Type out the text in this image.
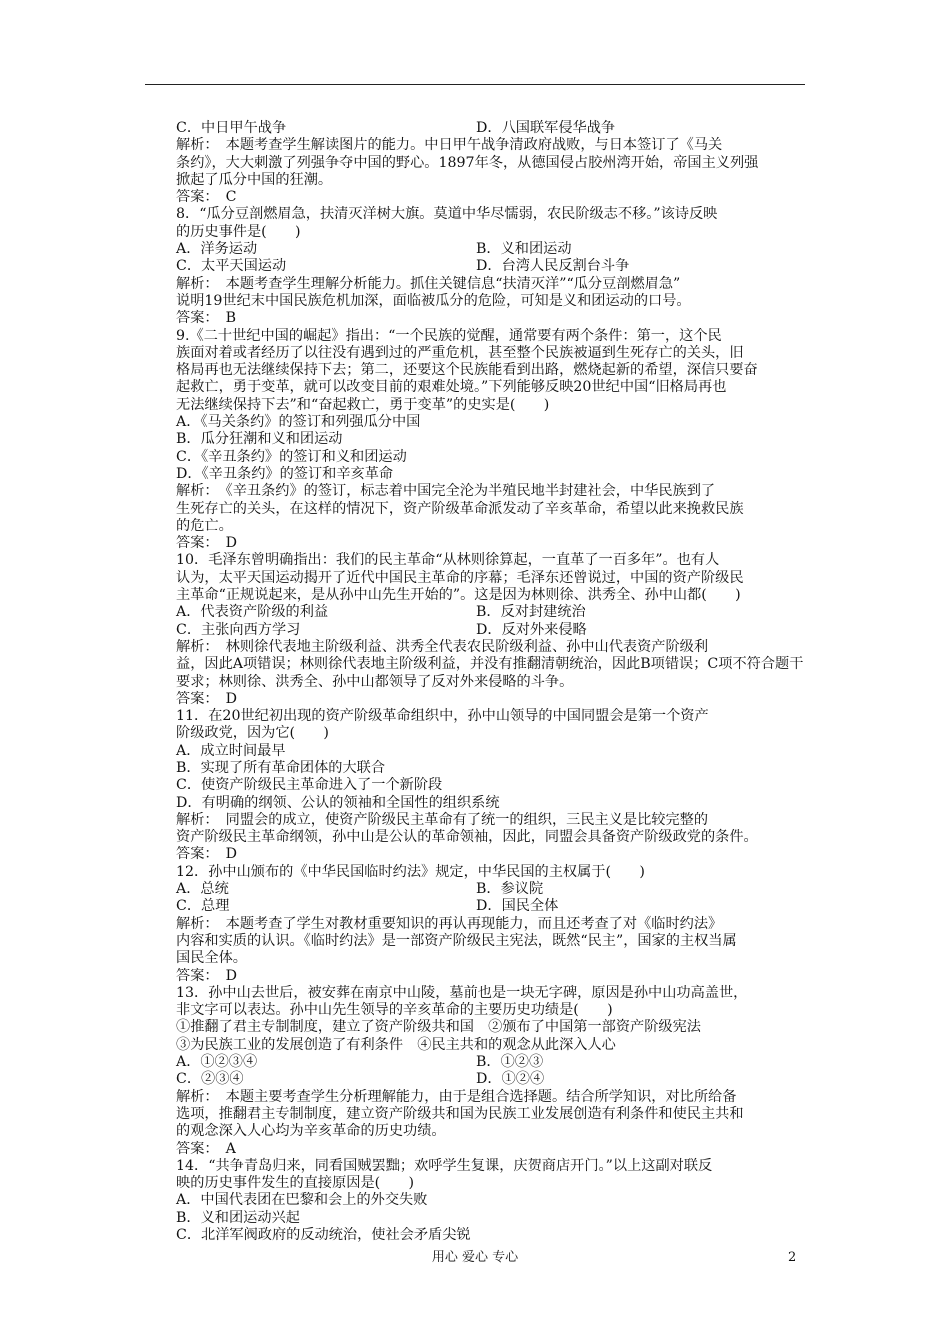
C．中日甲午战争	D．八国联军侵华战争
解析：　本题考查学生解读图片的能力。中日甲午战争清政府战败，与日本签订了《马关
条约》，大大刺激了列强争夺中国的野心。1897年冬，从德国侵占胶州湾开始，帝国主义列强
掀起了瓜分中国的狂潮。
答案：　C
8．“瓜分豆剖燃眉急，扶清灭洋树大旗。莫道中华尽懦弱，农民阶级志不移。”该诗反映
的历史事件是(　　)
A．洋务运动	B．义和团运动
C．太平天国运动	D．台湾人民反割台斗争
解析：　本题考查学生理解分析能力。抓住关键信息“扶清灭洋”“瓜分豆剖燃眉急”
说明19世纪末中国民族危机加深，面临被瓜分的危险，可知是义和团运动的口号。
答案：　B
9.《二十世纪中国的崛起》指出：“一个民族的觉醒，通常要有两个条件：第一，这个民
族面对着或者经历了以往没有遇到过的严重危机，甚至整个民族被逼到生死存亡的关头，旧
格局再也无法继续保持下去；第二，还要这个民族能看到出路，燃烧起新的希望，深信只要奋
起救亡，勇于变革，就可以改变目前的艰难处境。”下列能够反映20世纪中国“旧格局再也
无法继续保持下去”和“奋起救亡，勇于变革”的史实是(　　)
A．《马关条约》的签订和列强瓜分中国
B．瓜分狂潮和义和团运动
C．《辛丑条约》的签订和义和团运动
D．《辛丑条约》的签订和辛亥革命
解析：　《辛丑条约》的签订，标志着中国完全沦为半殖民地半封建社会，中华民族到了
生死存亡的关头，在这样的情况下，资产阶级革命派发动了辛亥革命，希望以此来挽救民族
的危亡。
答案：　D
10．毛泽东曾明确指出：我们的民主革命“从林则徐算起，一直革了一百多年”。也有人
认为，太平天国运动揭开了近代中国民主革命的序幕；毛泽东还曾说过，中国的资产阶级民
主革命“正规说起来，是从孙中山先生开始的”。这是因为林则徐、洪秀全、孙中山都(　　)
A．代表资产阶级的利益	B．反对封建统治
C．主张向西方学习	D．反对外来侵略
解析：　林则徐代表地主阶级利益、洪秀全代表农民阶级利益、孙中山代表资产阶级利
益，因此A项错误；林则徐代表地主阶级利益，并没有推翻清朝统治，因此B项错误；C项不符合题干
要求；林则徐、洪秀全、孙中山都领导了反对外来侵略的斗争。
答案：　D
11．在20世纪初出现的资产阶级革命组织中，孙中山领导的中国同盟会是第一个资产
阶级政党，因为它(　　)
A．成立时间最早
B．实现了所有革命团体的大联合
C．使资产阶级民主革命进入了一个新阶段
D．有明确的纲领、公认的领袖和全国性的组织系统
解析：　同盟会的成立，使资产阶级民主革命有了统一的组织，三民主义是比较完整的
资产阶级民主革命纲领，孙中山是公认的革命领袖，因此，同盟会具备资产阶级政党的条件。
答案：　D
12．孙中山颁布的《中华民国临时约法》规定，中华民国的主权属于(　　)
A．总统	B．参议院
C．总理	D．国民全体
解析：　本题考查了学生对教材重要知识的再认再现能力，而且还考查了对《临时约法》
内容和实质的认识。《临时约法》是一部资产阶级民主宪法，既然“民主”，国家的主权当属
国民全体。
答案：　D
13．孙中山去世后，被安葬在南京中山陵，墓前也是一块无字碑，原因是孙中山功高盖世，
非文字可以表达。孙中山先生领导的辛亥革命的主要历史功绩是(　　)
①推翻了君主专制制度，建立了资产阶级共和国　②颁布了中国第一部资产阶级宪法
③为民族工业的发展创造了有利条件　④民主共和的观念从此深入人心
A．①②③④	B．①②③
C．②③④	D．①②④
解析：　本题主要考查学生分析理解能力，由于是组合选择题。结合所学知识，对比所给备
选项，推翻君主专制制度，建立资产阶级共和国为民族工业发展创造有利条件和使民主共和
的观念深入人心均为辛亥革命的历史功绩。
答案：　A
14．“共争青岛归来，同看国贼罢黜；欢呼学生复课，庆贺商店开门。”以上这副对联反
映的历史事件发生的直接原因是(　　)
A．中国代表团在巴黎和会上的外交失败
B．义和团运动兴起
C．北洋军阀政府的反动统治，使社会矛盾尖锐
用心 爱心 专心	2
